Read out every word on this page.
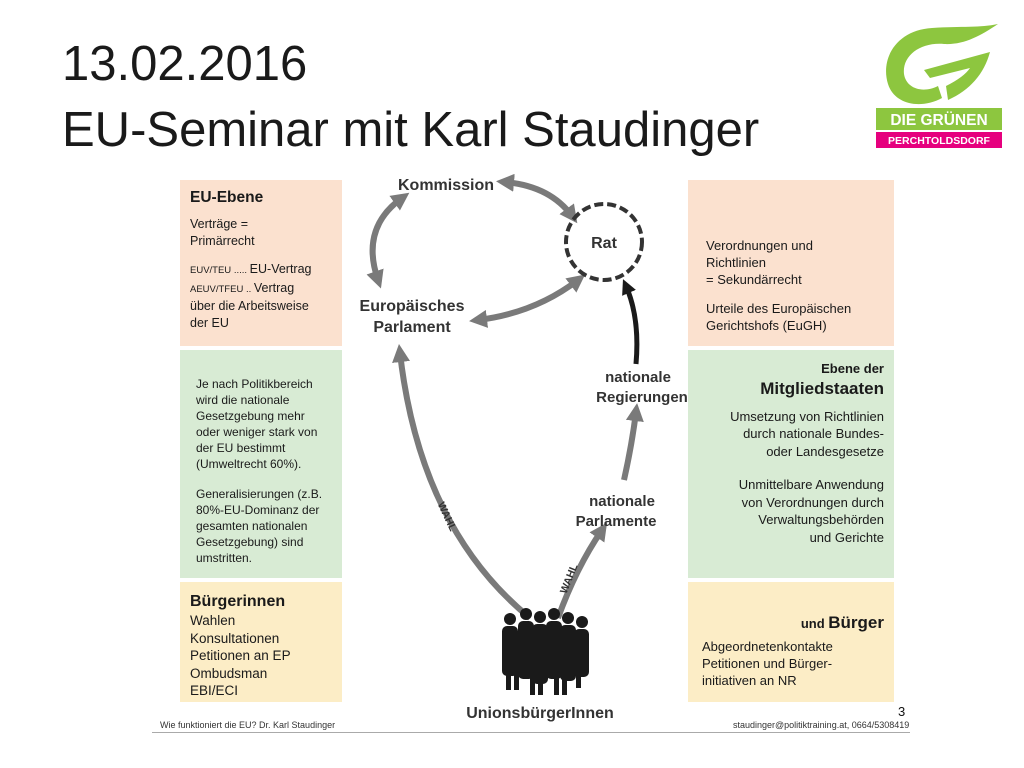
13.02.2016
EU-Seminar mit Karl Staudinger	DIE GRÜNEN
PERCHTOLDSDORF

EU-Ebene

Verträge =

Primärrecht

EUV/TEU ..... EU-Vertrag

AEUV/TFEU .. Vertrag

über die Arbeitsweise

der EU

Je nach Politikbereich

wird die nationale

Gesetzgebung mehr

oder weniger stark von

der EU bestimmt

(Umweltrecht 60%).

Generalisierungen (z.B.

80%-EU-Dominanz der

gesamten nationalen

Gesetzgebung) sind

umstritten.

Bürgerinnen

Wahlen

Konsultationen

Petitionen an EP

Ombudsman

EBI/ECI

Verordnungen und

Richtlinien

= Sekundärrecht

Urteile des Europäischen

Gerichtshofs (EuGH)

Ebene der

Mitgliedstaaten

Umsetzung von Richtlinien

durch nationale Bundes-

oder Landesgesetze

Unmittelbare Anwendung

von Verordnungen durch

Verwaltungsbehörden

und Gerichte

und Bürger

Abgeordnetenkontakte

Petitionen und Bürger-

initiativen an NR

Kommission
Rat
Europäisches
Parlament
WAHL
WAHL
nationale
Parlamente
nationale
Regierungen
UnionsbürgerInnen	3
Wie funktioniert die EU? Dr. Karl Staudinger	staudinger@politiktraining.at, 0664/5308419
